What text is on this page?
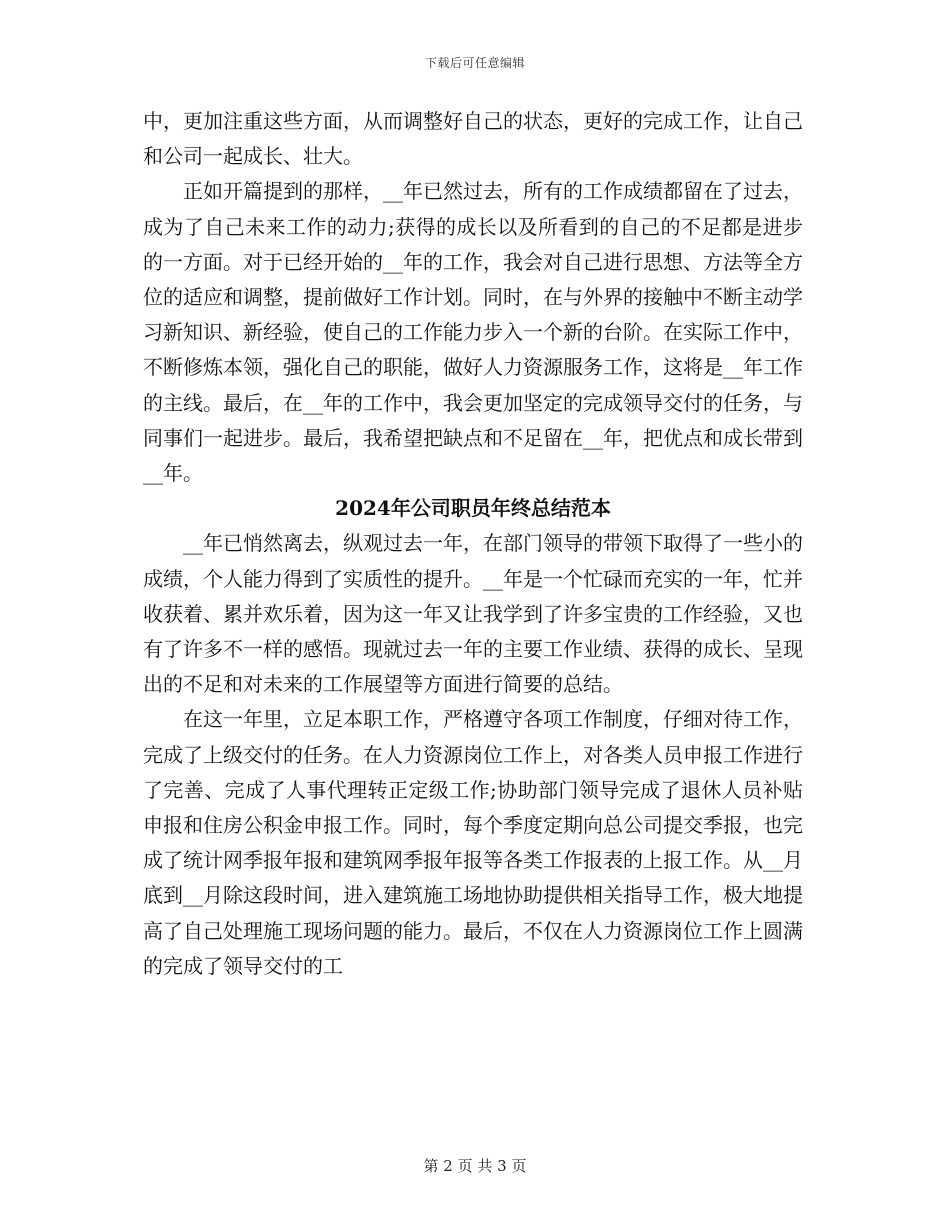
下载后可任意编辑

中，更加注重这些方面，从而调整好自己的状态，更好的完成工作，让自己和公司一起成长、壮大。

正如开篇提到的那样，__年已然过去，所有的工作成绩都留在了过去，成为了自己未来工作的动力;获得的成长以及所看到的自己的不足都是进步的一方面。对于已经开始的__年的工作，我会对自己进行思想、方法等全方位的适应和调整，提前做好工作计划。同时，在与外界的接触中不断主动学习新知识、新经验，使自己的工作能力步入一个新的台阶。在实际工作中，不断修炼本领，强化自己的职能，做好人力资源服务工作，这将是__年工作的主线。最后，在__年的工作中，我会更加坚定的完成领导交付的任务，与同事们一起进步。最后，我希望把缺点和不足留在__年，把优点和成长带到__年。

2024年公司职员年终总结范本

__年已悄然离去，纵观过去一年，在部门领导的带领下取得了一些小的成绩，个人能力得到了实质性的提升。__年是一个忙碌而充实的一年，忙并收获着、累并欢乐着，因为这一年又让我学到了许多宝贵的工作经验，又也有了许多不一样的感悟。现就过去一年的主要工作业绩、获得的成长、呈现出的不足和对未来的工作展望等方面进行简要的总结。

在这一年里，立足本职工作，严格遵守各项工作制度，仔细对待工作，完成了上级交付的任务。在人力资源岗位工作上，对各类人员申报工作进行了完善、完成了人事代理转正定级工作;协助部门领导完成了退休人员补贴申报和住房公积金申报工作。同时，每个季度定期向总公司提交季报，也完成了统计网季报年报和建筑网季报年报等各类工作报表的上报工作。从__月底到__月除这段时间，进入建筑施工场地协助提供相关指导工作，极大地提高了自己处理施工现场问题的能力。最后，不仅在人力资源岗位工作上圆满的完成了领导交付的工

第 2 页 共 3 页
